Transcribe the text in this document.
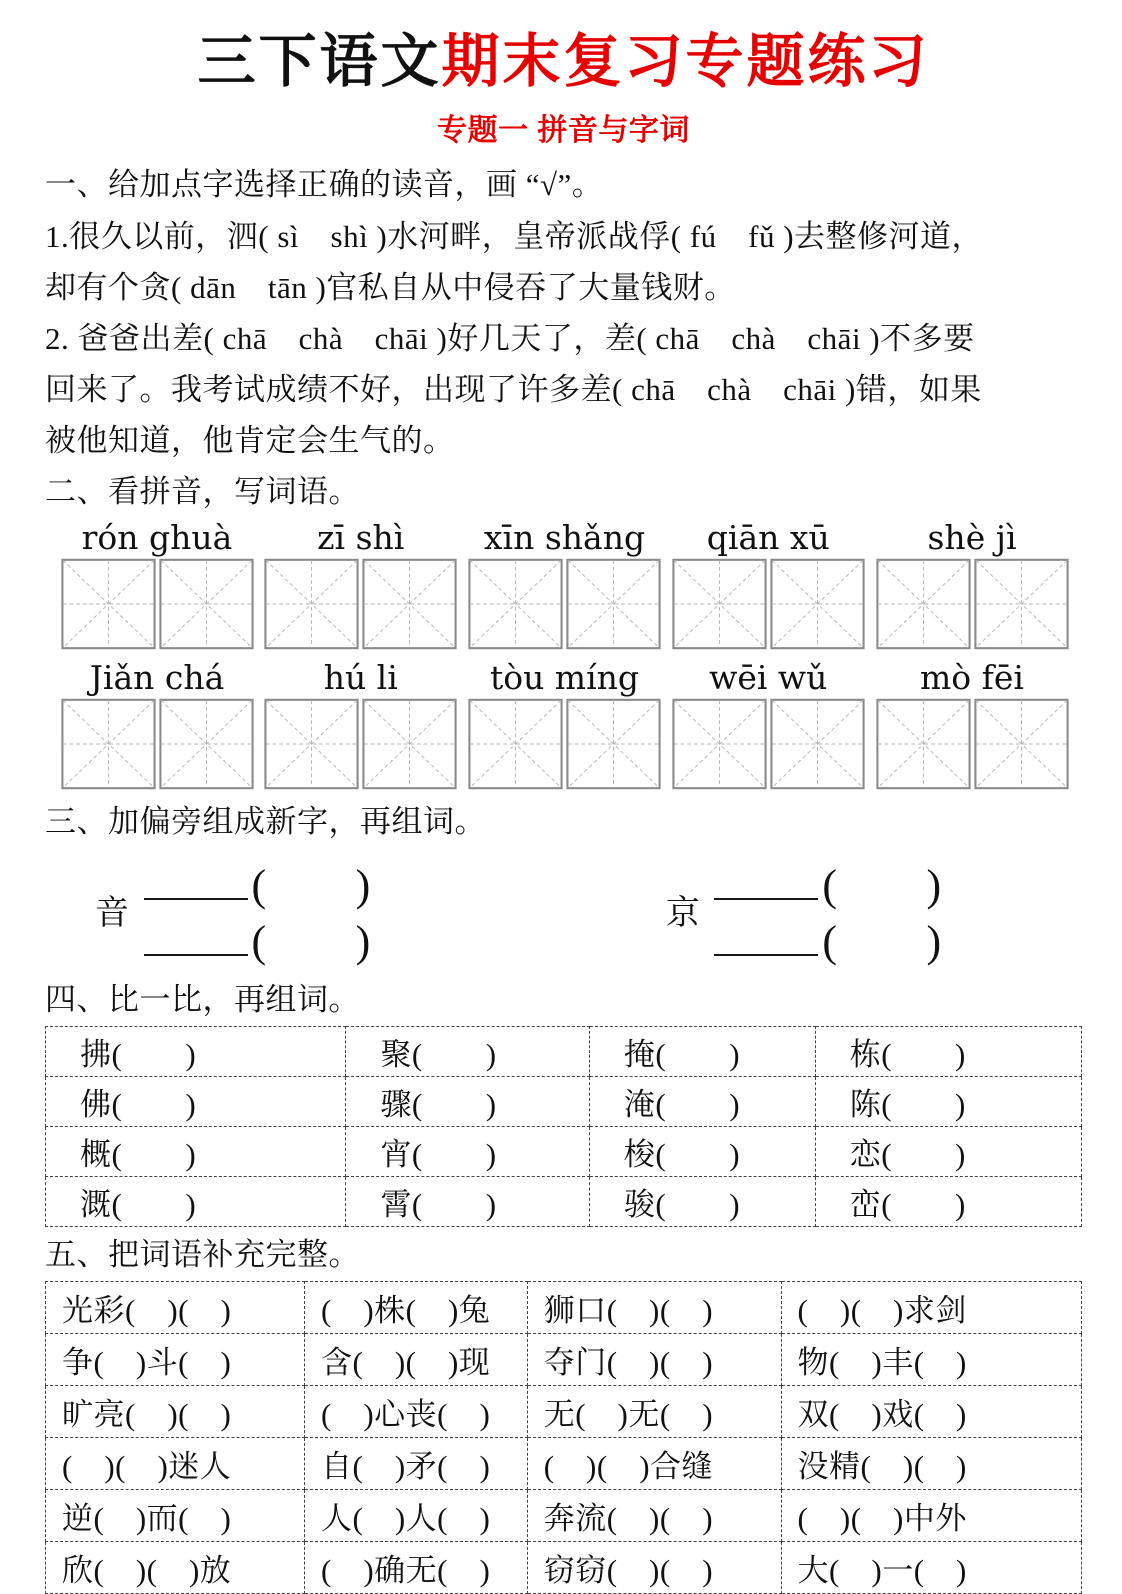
三下语文期末复习专题练习
专题一 拼音与字词
一、给加点字选择正确的读音，画 “√”。
1.很久以前，泗( sì　shì )水河畔，皇帝派战俘( fú　fǔ )去整修河道，
却有个贪( dān　tān )官私自从中侵吞了大量钱财。
2. 爸爸出差( chā　chà　chāi )好几天了，差( chā　chà　chāi )不多要
回来了。我考试成绩不好，出现了许多差( chā　chà　chāi )错，如果
被他知道，他肯定会生气的。
二、看拼音，写词语。
rón ghuà	zī shì	xīn shǎng	qiān xū	shè jì
Jiǎn chá	hú li	tòu míng	wēi wǔ	mò fēi
三、加偏旁组成新字，再组词。
音
(　　)
(　　)
京
(　　)
(　　)
四、比一比，再组词。
拂(　　)	聚(　　)	掩(　　)	栋(　　)
佛(　　)	骤(　　)	淹(　　)	陈(　　)
概(　　)	宵(　　)	梭(　　)	恋(　　)
溉(　　)	霄(　　)	骏(　　)	峦(　　)
五、把词语补充完整。
光彩(　)(　)	(　)株(　)兔	狮口(　)(　)	(　)(　)求剑
争(　)斗(　)	含(　)(　)现	夺门(　)(　)	物(　)丰(　)
旷亮(　)(　)	(　)心丧(　)	无(　)无(　)	双(　)戏(　)
(　)(　)迷人	自(　)矛(　)	(　)(　)合缝	没精(　)(　)
逆(　)而(　)	人(　)人(　)	奔流(　)(　)	(　)(　)中外
欣(　)(　)放	(　)确无(　)	窃窃(　)(　)	大(　)一(　)
